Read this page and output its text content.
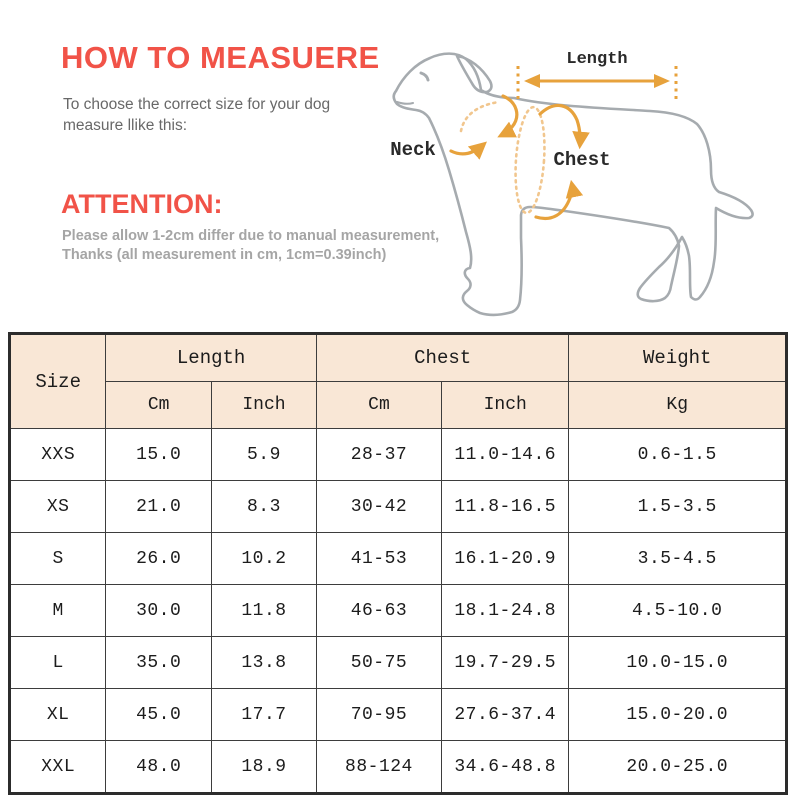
HOW TO MEASUERE

To choose the correct size for your dog
measure llike this:

ATTENTION:

Please allow 1-2cm differ due to manual measurement,
Thanks (all measurement in cm, 1cm=0.39inch)

Length
Neck	Chest
Size	Length		Chest		Weight
	Cm	Inch	Cm	Inch	Kg
XXS	15.0	5.9	28-37	11.0-14.6	0.6-1.5
XS	21.0	8.3	30-42	11.8-16.5	1.5-3.5
S	26.0	10.2	41-53	16.1-20.9	3.5-4.5
M	30.0	11.8	46-63	18.1-24.8	4.5-10.0
L	35.0	13.8	50-75	19.7-29.5	10.0-15.0
XL	45.0	17.7	70-95	27.6-37.4	15.0-20.0
XXL	48.0	18.9	88-124	34.6-48.8	20.0-25.0
